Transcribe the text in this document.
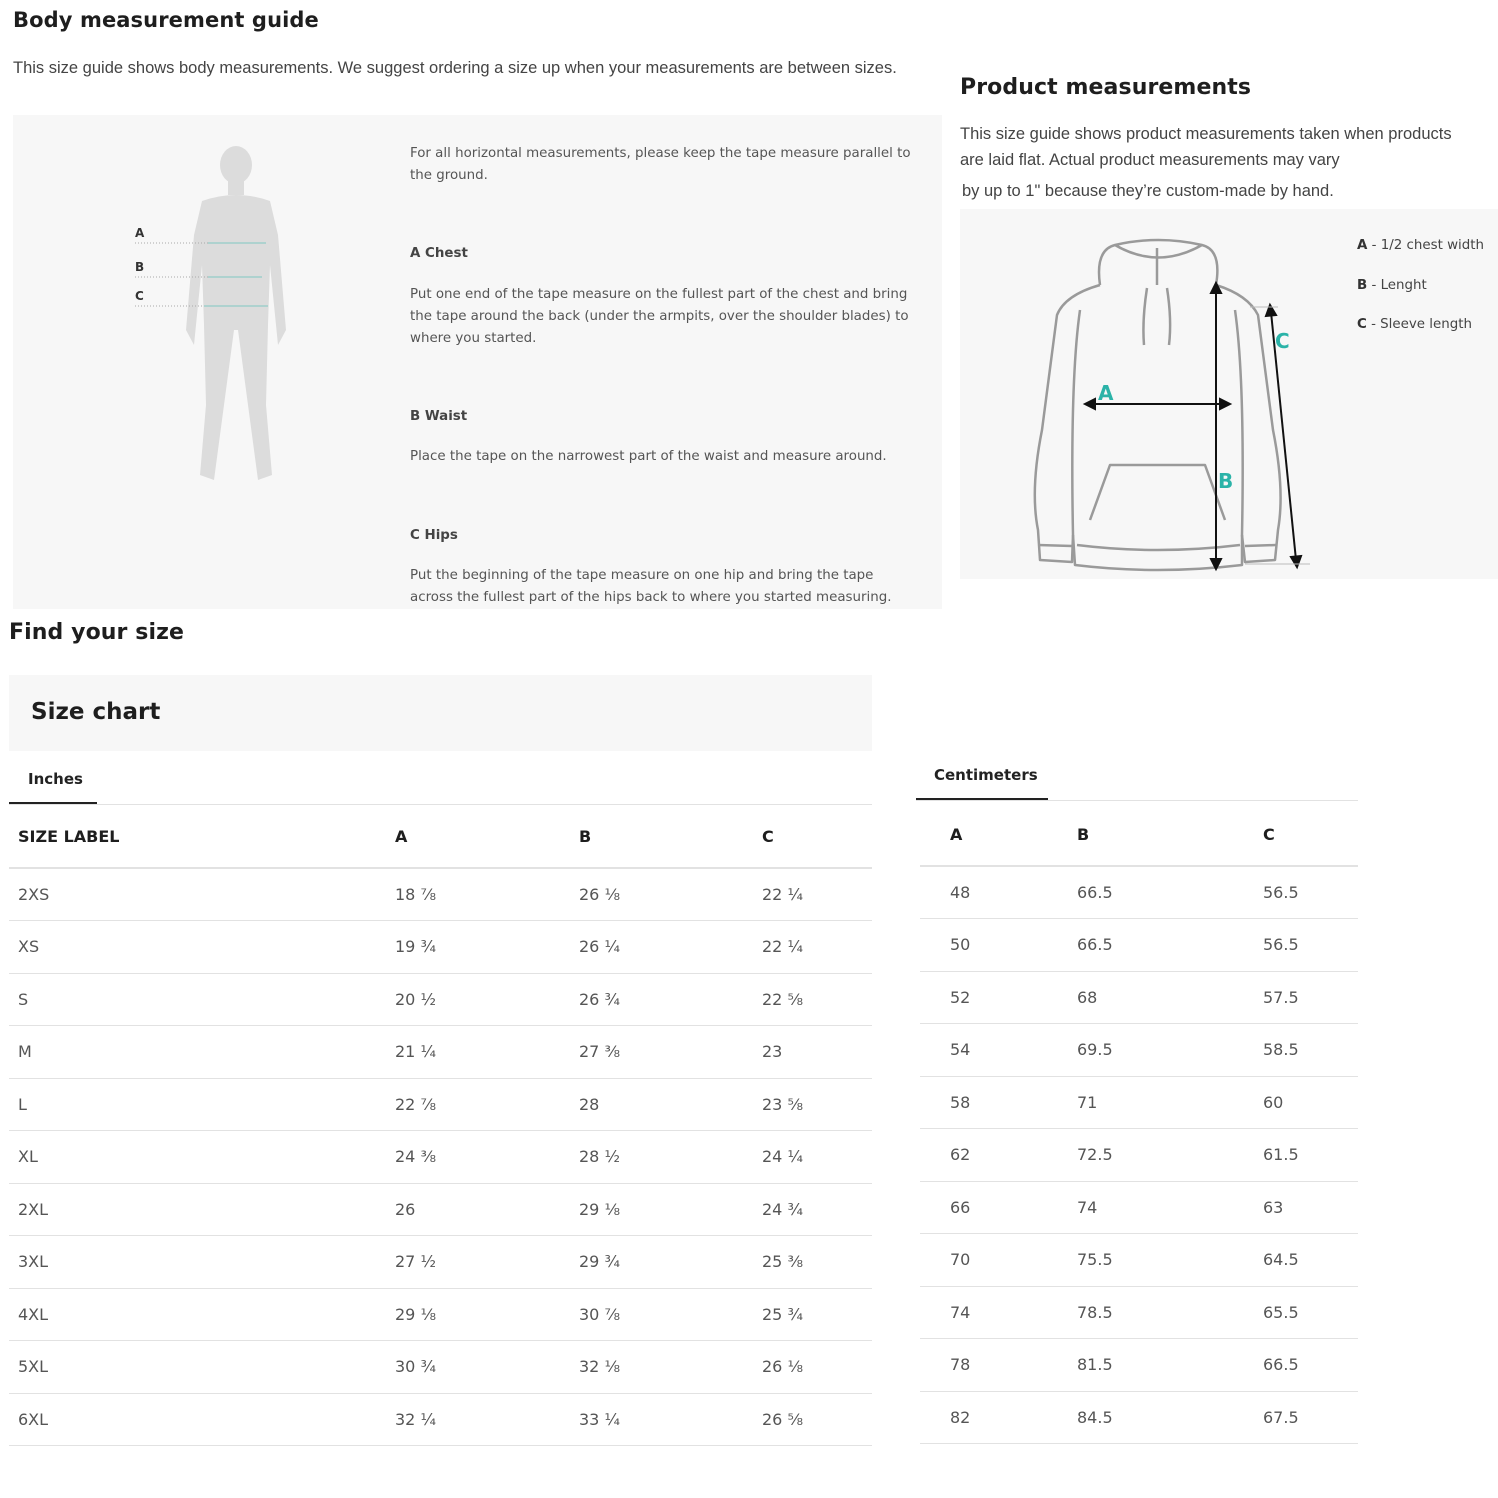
Body measurement guide
This size guide shows body measurements. We suggest ordering a size up when your measurements are between sizes.
A
B
C
For all horizontal measurements, please keep the tape measure parallel to the ground.
A Chest
Put one end of the tape measure on the fullest part of the chest and bring the tape around the back (under the armpits, over the shoulder blades) to where you started.
B Waist
Place the tape on the narrowest part of the waist and measure around.
C Hips
Put the beginning of the tape measure on one hip and bring the tape across the fullest part of the hips back to where you started measuring.
Product measurements
This size guide shows product measurements taken when products
are laid flat. Actual product measurements may vary
by up to 1" because they’re custom-made by hand.
A
B
C
A - 1/2 chest width
B - Lenght
C - Sleeve length
Find your size
Size chart
Inches	Centimeters
SIZE LABEL	A	B	C
2XS	18 ⅞	26 ⅛	22 ¼
XS	19 ¾	26 ¼	22 ¼
S	20 ½	26 ¾	22 ⅝
M	21 ¼	27 ⅜	23
L	22 ⅞	28	23 ⅝
XL	24 ⅜	28 ½	24 ¼
2XL	26	29 ⅛	24 ¾
3XL	27 ½	29 ¾	25 ⅜
4XL	29 ⅛	30 ⅞	25 ¾
5XL	30 ¾	32 ⅛	26 ⅛
6XL	32 ¼	33 ¼	26 ⅝
A	B	C
48	66.5	56.5
50	66.5	56.5
52	68	57.5
54	69.5	58.5
58	71	60
62	72.5	61.5
66	74	63
70	75.5	64.5
74	78.5	65.5
78	81.5	66.5
82	84.5	67.5
